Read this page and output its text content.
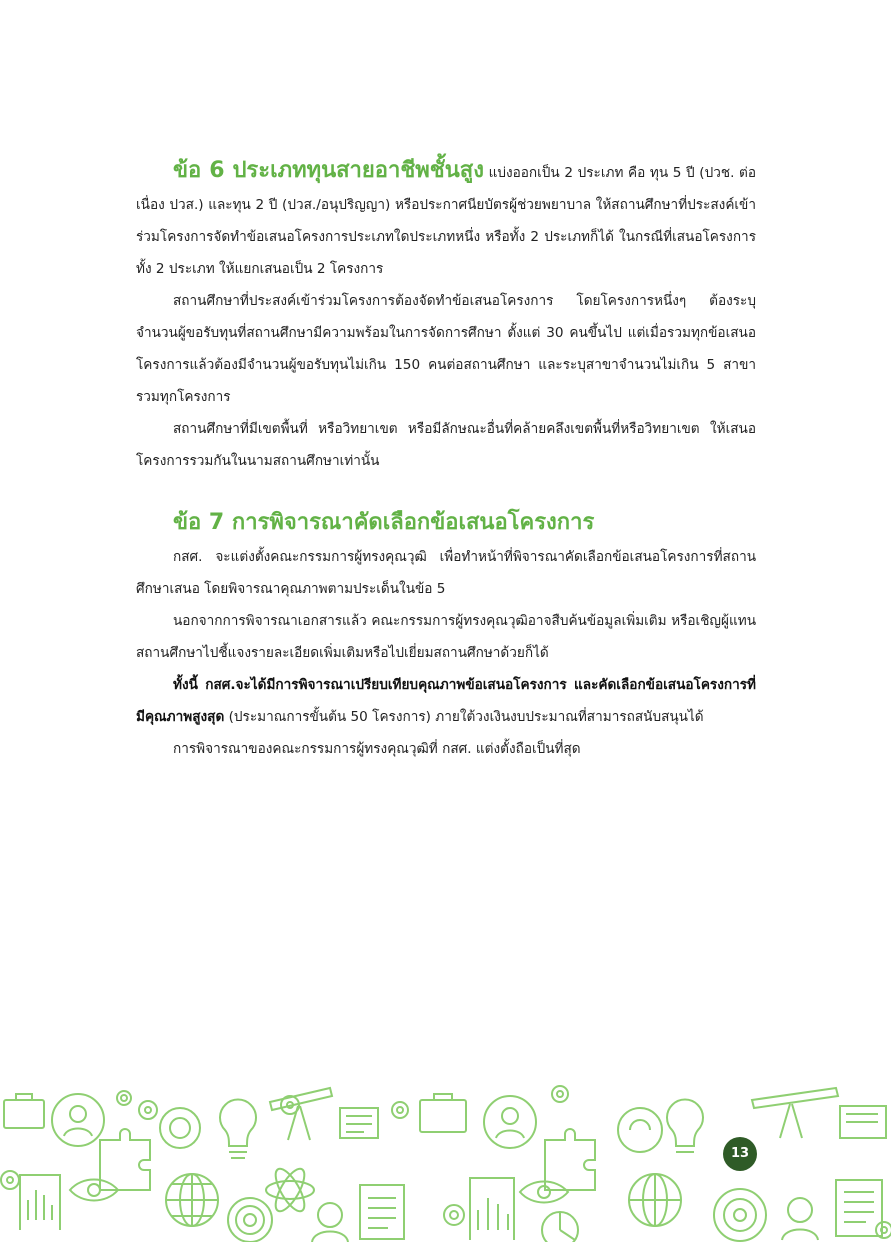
ข้อ 6 ประเภททุนสายอาชีพชั้นสูง แบ่งออกเป็น 2 ประเภท คือ ทุน 5 ปี (ปวช. ต่อเนื่อง ปวส.) และทุน 2 ปี (ปวส./อนุปริญญา) หรือประกาศนียบัตรผู้ช่วยพยาบาล ให้สถานศึกษาที่ประสงค์เข้าร่วมโครงการจัดทำข้อเสนอโครงการประเภทใดประเภทหนึ่ง หรือทั้ง 2 ประเภทก็ได้ ในกรณีที่เสนอโครงการทั้ง 2 ประเภท ให้แยกเสนอเป็น 2 โครงการ

สถานศึกษาที่ประสงค์เข้าร่วมโครงการต้องจัดทำข้อเสนอโครงการ โดยโครงการหนึ่งๆ ต้องระบุจำนวนผู้ขอรับทุนที่สถานศึกษามีความพร้อมในการจัดการศึกษา ตั้งแต่ 30 คนขึ้นไป แต่เมื่อรวมทุกข้อเสนอโครงการแล้วต้องมีจำนวนผู้ขอรับทุนไม่เกิน 150 คนต่อสถานศึกษา และระบุสาขาจำนวนไม่เกิน 5 สาขารวมทุกโครงการ

สถานศึกษาที่มีเขตพื้นที่ หรือวิทยาเขต หรือมีลักษณะอื่นที่คล้ายคลึงเขตพื้นที่หรือวิทยาเขต ให้เสนอโครงการรวมกันในนามสถานศึกษาเท่านั้น

ข้อ 7 การพิจารณาคัดเลือกข้อเสนอโครงการ

กสศ. จะแต่งตั้งคณะกรรมการผู้ทรงคุณวุฒิ เพื่อทำหน้าที่พิจารณาคัดเลือกข้อเสนอโครงการที่สถานศึกษาเสนอ โดยพิจารณาคุณภาพตามประเด็นในข้อ 5

นอกจากการพิจารณาเอกสารแล้ว คณะกรรมการผู้ทรงคุณวุฒิอาจสืบค้นข้อมูลเพิ่มเติม หรือเชิญผู้แทนสถานศึกษาไปชี้แจงรายละเอียดเพิ่มเติมหรือไปเยี่ยมสถานศึกษาด้วยก็ได้

ทั้งนี้ กสศ.จะได้มีการพิจารณาเปรียบเทียบคุณภาพข้อเสนอโครงการ และคัดเลือกข้อเสนอโครงการที่มีคุณภาพสูงสุด (ประมาณการขั้นต้น 50 โครงการ) ภายใต้วงเงินงบประมาณที่สามารถสนับสนุนได้

การพิจารณาของคณะกรรมการผู้ทรงคุณวุฒิที่ กสศ. แต่งตั้งถือเป็นที่สุด

13
